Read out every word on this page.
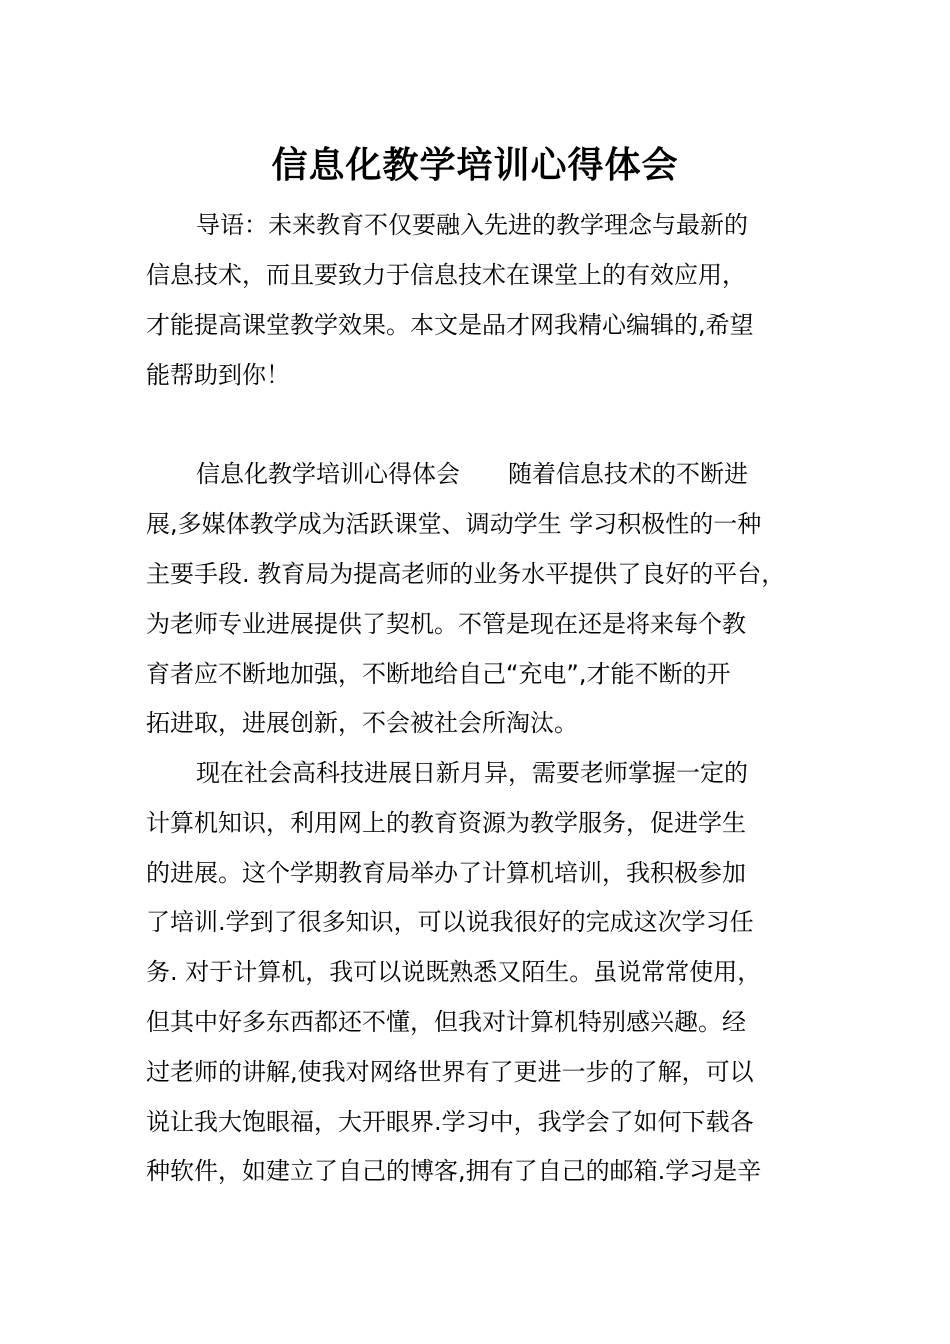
信息化教学培训心得体会
导语：未来教育不仅要融入先进的教学理念与最新的
信息技术，而且要致力于信息技术在课堂上的有效应用，
才能提高课堂教学效果。本文是品才网我精心编辑的,希望
能帮助到你！
信息化教学培训心得体会　　随着信息技术的不断进
展,多媒体教学成为活跃课堂、调动学生 学习积极性的一种
主要手段. 教育局为提高老师的业务水平提供了良好的平台，
为老师专业进展提供了契机。不管是现在还是将来每个教
育者应不断地加强，不断地给自己“充电”,才能不断的开
拓进取，进展创新，不会被社会所淘汰。
现在社会高科技进展日新月异，需要老师掌握一定的
计算机知识，利用网上的教育资源为教学服务，促进学生
的进展。这个学期教育局举办了计算机培训，我积极参加
了培训.学到了很多知识，可以说我很好的完成这次学习任
务. 对于计算机，我可以说既熟悉又陌生。虽说常常使用，
但其中好多东西都还不懂，但我对计算机特别感兴趣。经
过老师的讲解,使我对网络世界有了更进一步的了解，可以
说让我大饱眼福，大开眼界.学习中，我学会了如何下载各
种软件，如建立了自己的博客,拥有了自己的邮箱.学习是辛
